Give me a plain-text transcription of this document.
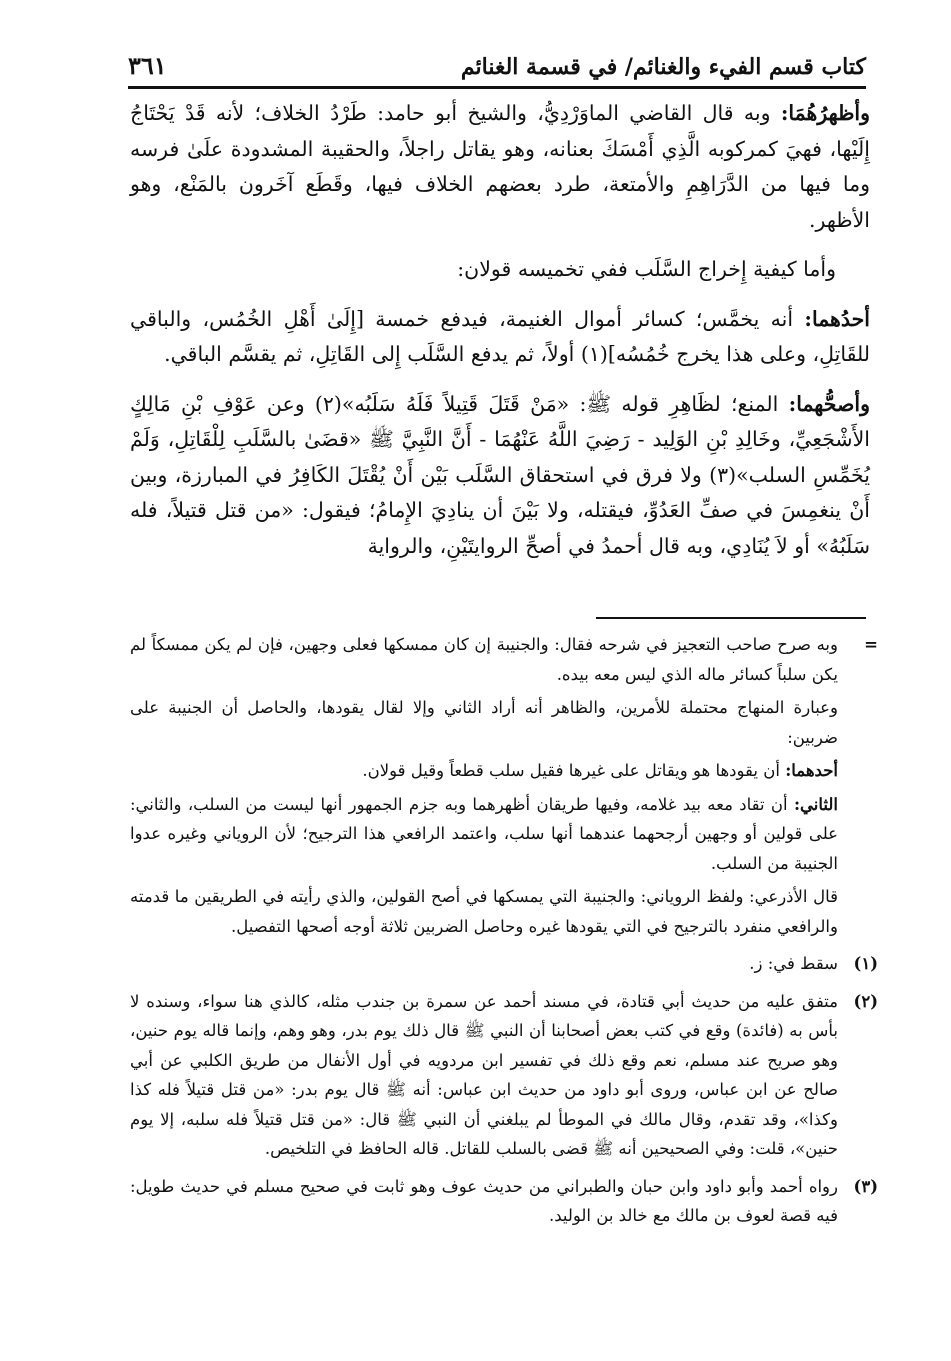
كتاب قسم الفيء والغنائم/ في قسمة الغنائم
٣٦١

وأظهرُهُمَا: وبه قال القاضي الماوَرْدِيُّ، والشيخ أبو حامد: طَرْدُ الخلاف؛ لأنه قَدْ يَحْتَاجُ إِلَيْها، فهيَ كمركوبه الَّذِي أَمْسَكَ بعنانه، وهو يقاتل راجلاً، والحقيبة المشدودة علَىٰ فرسه وما فيها من الدَّرَاهِمِ والأمتعة، طرد بعضهم الخلاف فيها، وقَطَع آخَرون بالمَنْع، وهو الأظهر.

وأما كيفية إِخراج السَّلَب ففي تخميسه قولان:

أحدُهما: أنه يخمَّس؛ كسائر أموال الغنيمة، فيدفع خمسة [إِلَىٰ أَهْلِ الخُمُس، والباقي للقَاتِلِ، وعلى هذا يخرج خُمُسُه](١) أولاً، ثم يدفع السَّلَب إِلى القَاتِلِ، ثم يقسَّم الباقي.

وأصحُّهما: المنع؛ لظَاهِرِ قوله ﷺ: «مَنْ قَتَلَ قَتِيلاً فَلَهُ سَلَبُه»(٢) وعن عَوْفِ بْنِ مَالِكٍ الأَشْجَعِيِّ، وخَالِدِ بْنِ الوَلِيد - رَضِيَ اللَّهُ عَنْهُمَا - أَنَّ النَّبِيَّ ﷺ «قضَىٰ بالسَّلَبِ لِلْقَاتِلِ، وَلَمْ يُخَمِّسِ السلب»(٣) ولا فرق في استحقاق السَّلَب بَيْن أَنْ يُقْتَلَ الكَافِرُ في المبارزة، وبين أَنْ ينغمِسَ في صفِّ العَدُوِّ، فيقتله، ولا بَيْنَ أن ينادِيَ الإِمامُ؛ فيقول: «من قتل قتيلاً، فله سَلَبُهُ» أو لاَ يُنَادِي، وبه قال أحمدُ في أصحِّ الروايتَيْنِ، والرواية

=

وبه صرح صاحب التعجيز في شرحه فقال: والجنيبة إن كان ممسكها فعلى وجهين، فإن لم يكن ممسكاً لم يكن سلباً كسائر ماله الذي ليس معه بيده.

وعبارة المنهاج محتملة للأمرين، والظاهر أنه أراد الثاني وإلا لقال يقودها، والحاصل أن الجنيبة على ضربين:

أحدهما: أن يقودها هو ويقاتل على غيرها فقيل سلب قطعاً وقيل قولان.

الثاني: أن تقاد معه بيد غلامه، وفيها طريقان أظهرهما وبه جزم الجمهور أنها ليست من السلب، والثاني: على قولين أو وجهين أرجحهما عندهما أنها سلب، واعتمد الرافعي هذا الترجيح؛ لأن الروياني وغيره عدوا الجنيبة من السلب.

قال الأذرعي: ولفظ الروياني: والجنيبة التي يمسكها في أصح القولين، والذي رأيته في الطريقين ما قدمته والرافعي منفرد بالترجيح في التي يقودها غيره وحاصل الضربين ثلاثة أوجه أصحها التفصيل.

(١)

سقط في: ز.

(٢)

متفق عليه من حديث أبي قتادة، في مسند أحمد عن سمرة بن جندب مثله، كالذي هنا سواء، وسنده لا بأس به (فائدة) وقع في كتب بعض أصحابنا أن النبي ﷺ قال ذلك يوم بدر، وهو وهم، وإنما قاله يوم حنين، وهو صريح عند مسلم، نعم وقع ذلك في تفسير ابن مردويه في أول الأنفال من طريق الكلبي عن أبي صالح عن ابن عباس، وروى أبو داود من حديث ابن عباس: أنه ﷺ قال يوم بدر: «من قتل قتيلاً فله كذا وكذا»، وقد تقدم، وقال مالك في الموطأ لم يبلغني أن النبي ﷺ قال: «من قتل قتيلاً فله سلبه، إلا يوم حنين»، قلت: وفي الصحيحين أنه ﷺ قضى بالسلب للقاتل. قاله الحافظ في التلخيص.

(٣)

رواه أحمد وأبو داود وابن حبان والطبراني من حديث عوف وهو ثابت في صحيح مسلم في حديث طويل: فيه قصة لعوف بن مالك مع خالد بن الوليد.
